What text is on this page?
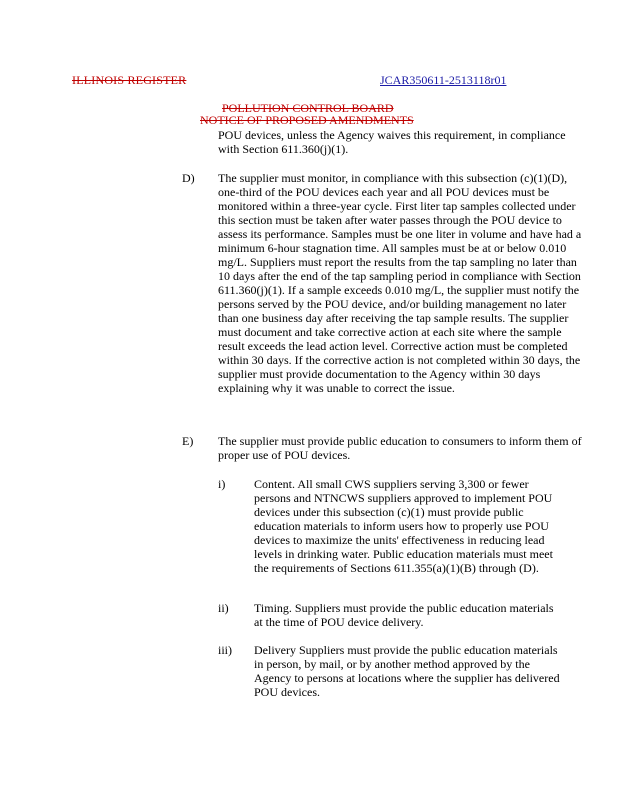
ILLINOIS REGISTER	JCAR350611-2513118r01
POLLUTION CONTROL BOARD
NOTICE OF PROPOSED AMENDMENTS

POU devices, unless the Agency waives this requirement, in compliance with Section 611.360(j)(1).

D) The supplier must monitor, in compliance with this subsection (c)(1)(D), one-third of the POU devices each year and all POU devices must be monitored within a three-year cycle. First liter tap samples collected under this section must be taken after water passes through the POU device to assess its performance. Samples must be one liter in volume and have had a minimum 6-hour stagnation time. All samples must be at or below 0.010 mg/L. Suppliers must report the results from the tap sampling no later than 10 days after the end of the tap sampling period in compliance with Section 611.360(j)(1). If a sample exceeds 0.010 mg/L, the supplier must notify the persons served by the POU device, and/or building management no later than one business day after receiving the tap sample results. The supplier must document and take corrective action at each site where the sample result exceeds the lead action level. Corrective action must be completed within 30 days. If the corrective action is not completed within 30 days, the supplier must provide documentation to the Agency within 30 days explaining why it was unable to correct the issue.

E) The supplier must provide public education to consumers to inform them of proper use of POU devices.

i) Content. All small CWS suppliers serving 3,300 or fewer persons and NTNCWS suppliers approved to implement POU devices under this subsection (c)(1) must provide public education materials to inform users how to properly use POU devices to maximize the units' effectiveness in reducing lead levels in drinking water. Public education materials must meet the requirements of Sections 611.355(a)(1)(B) through (D).

ii) Timing. Suppliers must provide the public education materials at the time of POU device delivery.

iii) Delivery Suppliers must provide the public education materials in person, by mail, or by another method approved by the Agency to persons at locations where the supplier has delivered POU devices.
